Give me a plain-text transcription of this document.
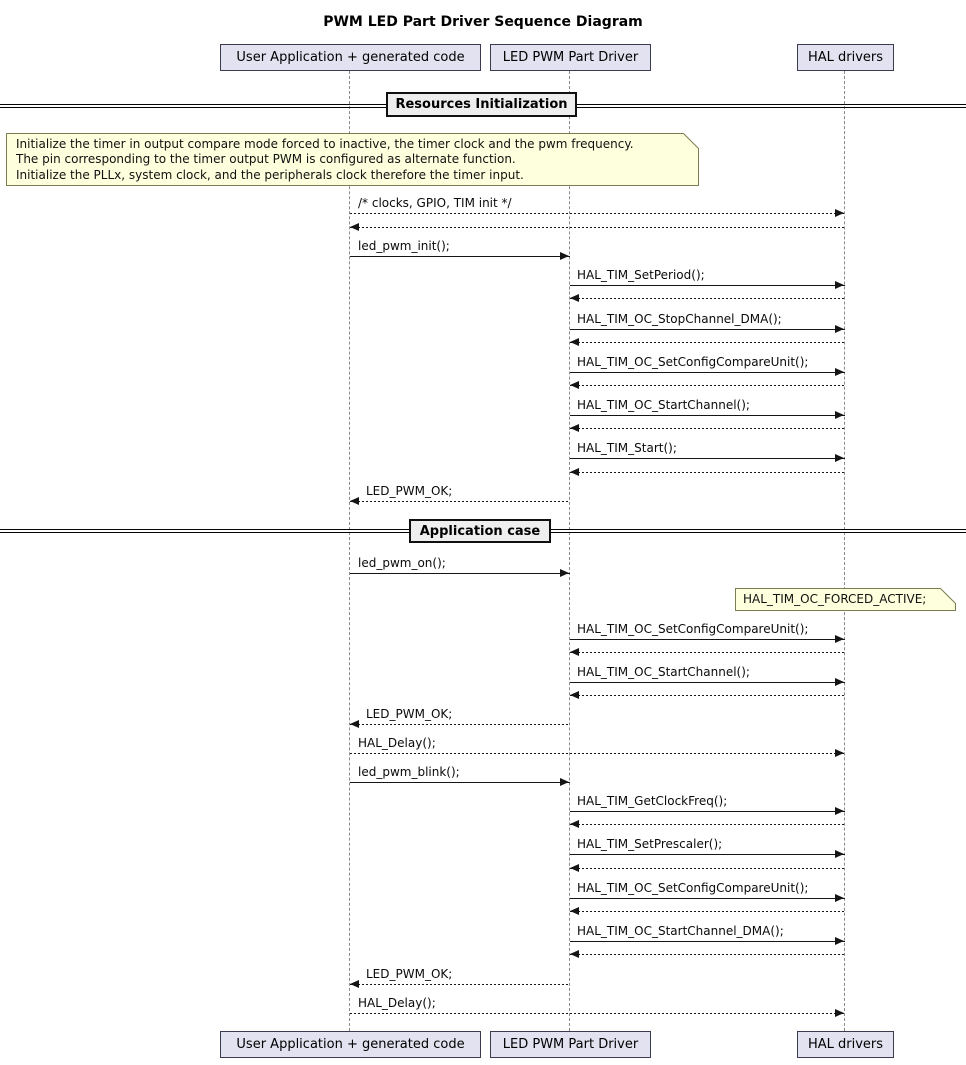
PWM LED Part Driver Sequence Diagram
User Application + generated code	LED PWM Part Driver	HAL drivers
Resources Initialization
Initialize the timer in output compare mode forced to inactive, the timer clock and the pwm frequency.
The pin corresponding to the timer output PWM is configured as alternate function.
Initialize the PLLx, system clock, and the peripherals clock therefore the timer input.
/* clocks, GPIO, TIM init */
led_pwm_init();
HAL_TIM_SetPeriod();
HAL_TIM_OC_StopChannel_DMA();
HAL_TIM_OC_SetConfigCompareUnit();
HAL_TIM_OC_StartChannel();
HAL_TIM_Start();
LED_PWM_OK;
Application case
led_pwm_on();
HAL_TIM_OC_FORCED_ACTIVE;
HAL_TIM_OC_SetConfigCompareUnit();
HAL_TIM_OC_StartChannel();
LED_PWM_OK;
HAL_Delay();
led_pwm_blink();
HAL_TIM_GetClockFreq();
HAL_TIM_SetPrescaler();
HAL_TIM_OC_SetConfigCompareUnit();
HAL_TIM_OC_StartChannel_DMA();
LED_PWM_OK;
HAL_Delay();
User Application + generated code	LED PWM Part Driver	HAL drivers
